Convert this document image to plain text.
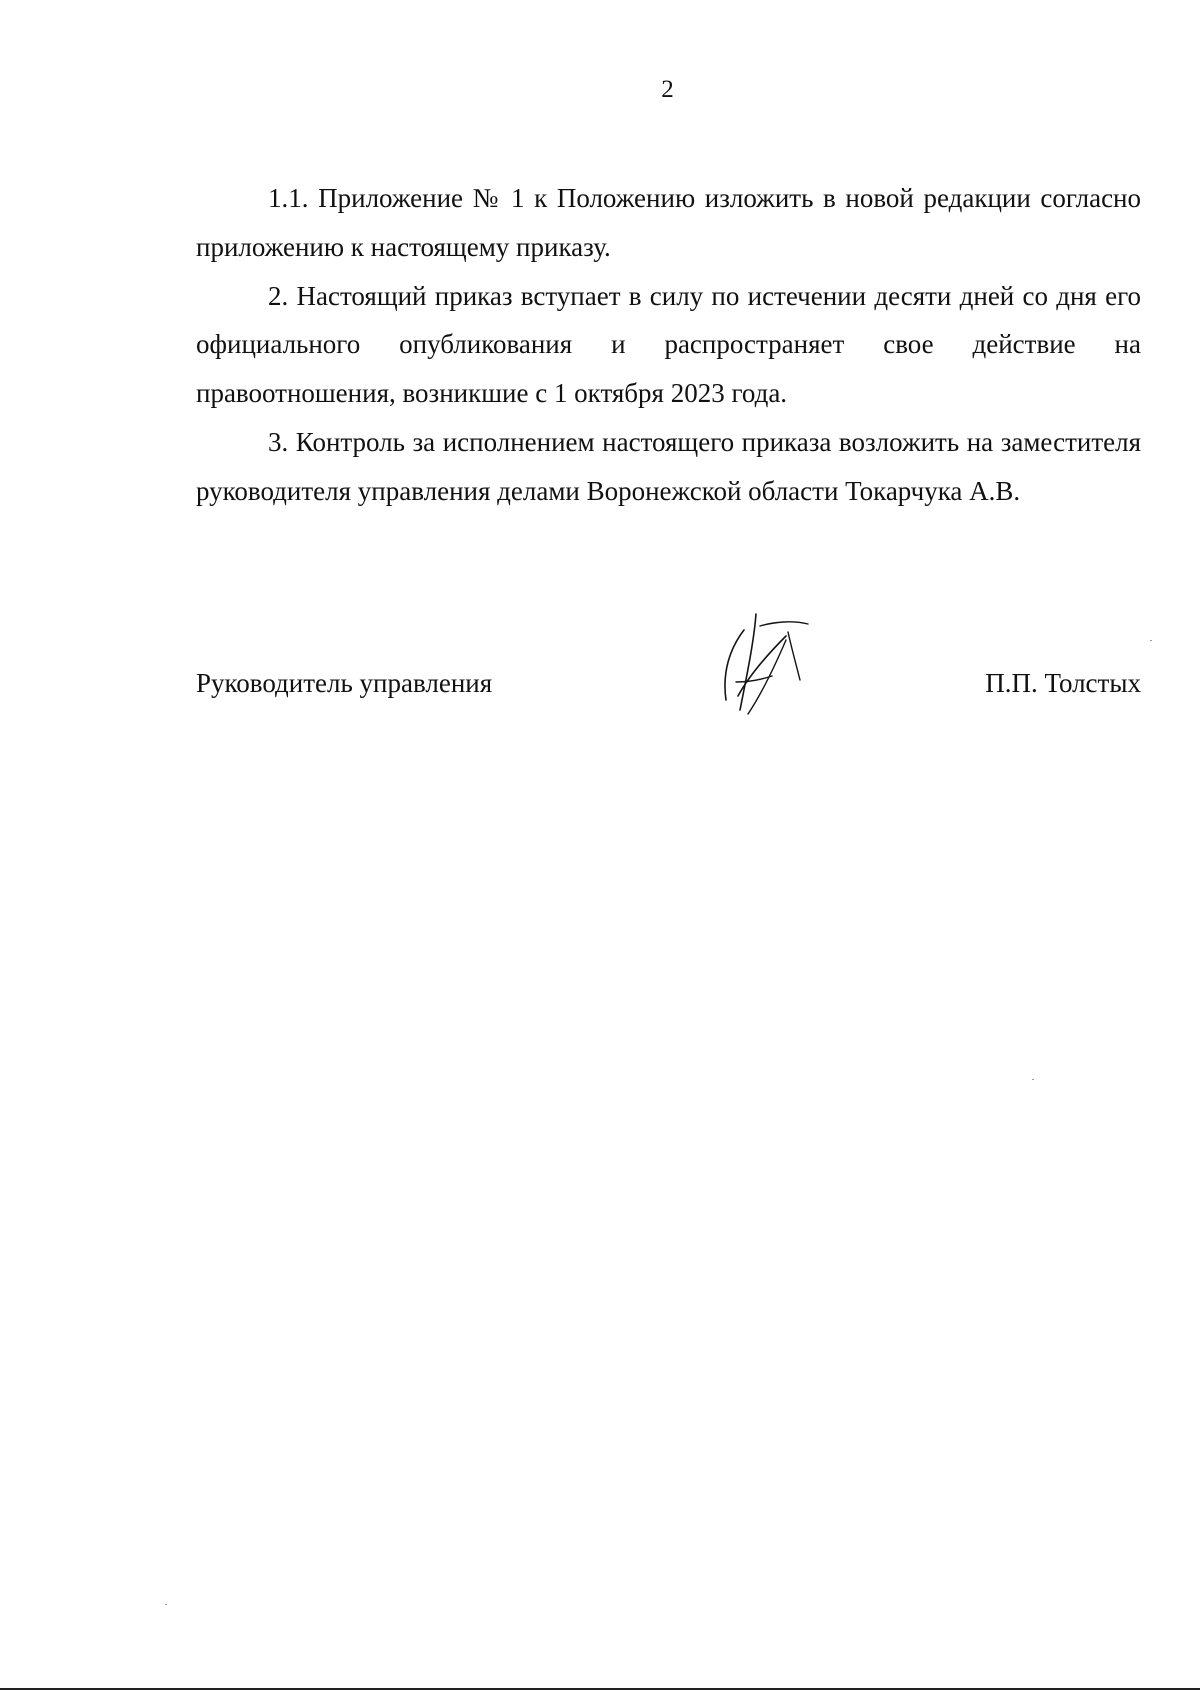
2

1.1. Приложение № 1 к Положению изложить в новой редакции согласно приложению к настоящему приказу.

2. Настоящий приказ вступает в силу по истечении десяти дней со дня его официального опубликования и распространяет свое действие на правоотношения, возникшие с 1 октября 2023 года.

3. Контроль за исполнением настоящего приказа возложить на заместителя руководителя управления делами Воронежской области Токарчука А.В.

Руководитель управления	П.П. Толстых
